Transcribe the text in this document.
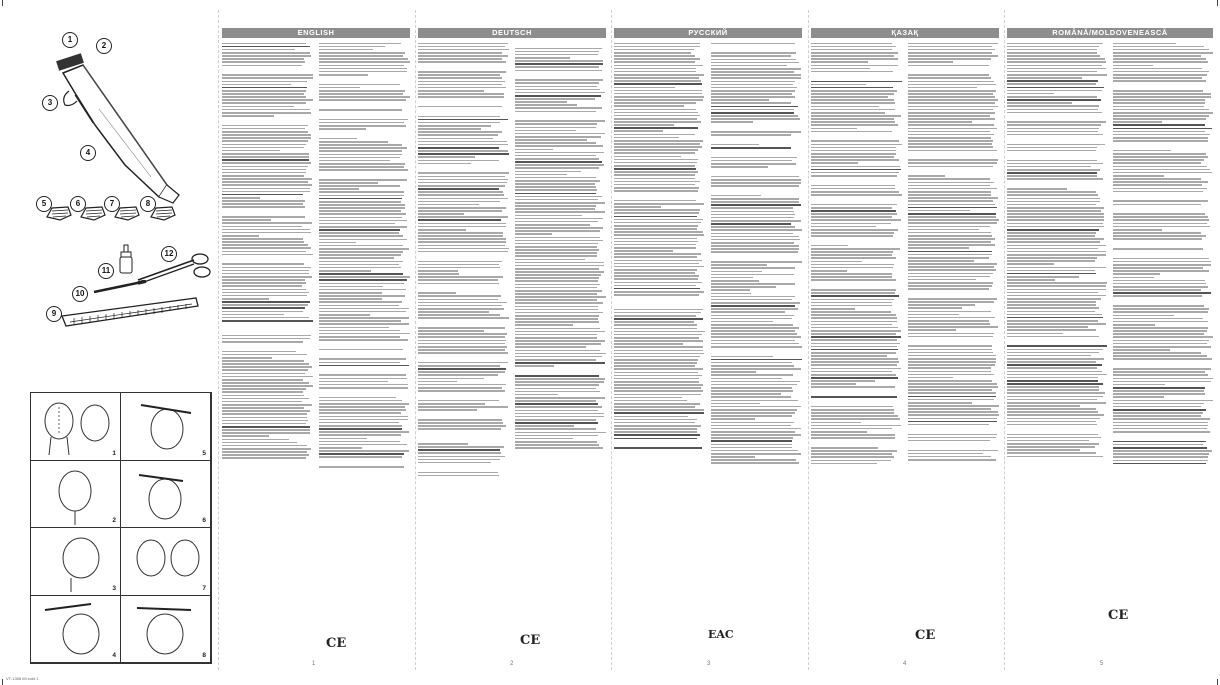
VT-1358 IM.indd 1
1
2
3
4
5	6	7	8
9
10
11
12
1	5
2	6
3	7
4	8
ENGLISH	DEUTSCH	РУССКИЙ	ҚАЗАҚ	ROMÂNĂ/MOLDOVENEASCĂ
CE	CE	EAC	CE
CE
1	2	3	4	5
